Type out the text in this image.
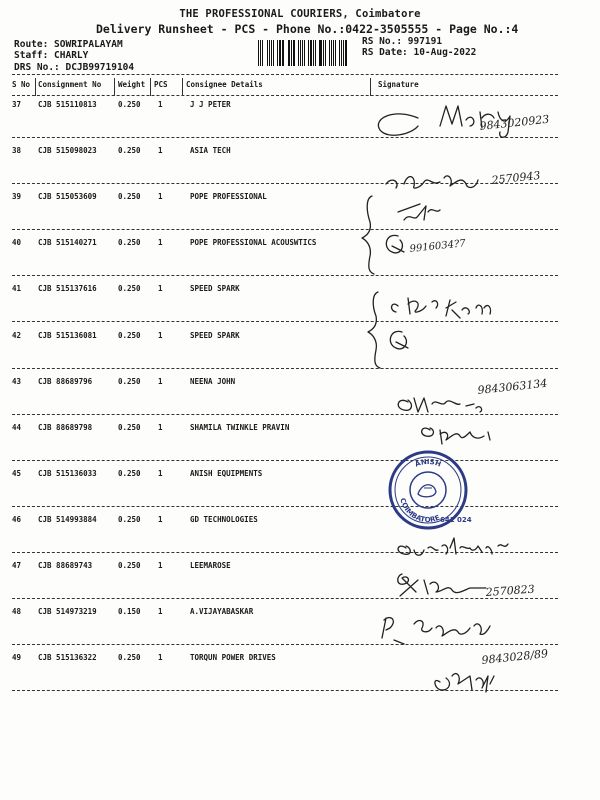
THE PROFESSIONAL COURIERS, Coimbatore
Delivery Runsheet - PCS - Phone No.:0422-3505555 - Page No.:4
Route: SOWRIPALAYAM
Staff: CHARLY
DRS No.: DCJB99719104
RS No.: 997191
RS Date: 10-Aug-2022
S No Consignment No Weight PCS Consignee Details	Signature
37 CJB 515110813	0.250 1	J J PETER
38 CJB 515098023	0.250 1	ASIA TECH
39 CJB 515053609	0.250 1	POPE PROFESSIONAL
40 CJB 515140271	0.250 1	POPE PROFESSIONAL ACOUSWTICS
41 CJB 515137616	0.250 1	SPEED SPARK
42 CJB 515136081	0.250 1	SPEED SPARK
43 CJB 88689796	0.250 1	NEENA JOHN
44 CJB 88689798	0.250 1	SHAMILA TWINKLE PRAVIN
45 CJB 515136033	0.250 1	ANISH EQUIPMENTS
46 CJB 514993884	0.250 1	GD TECHNOLOGIES
47 CJB 88689743	0.250 1	LEEMAROSE
48 CJB 514973219	0.150 1	A.VIJAYABASKAR
49 CJB 515136322	0.250 1	TORQUN POWER DRIVES
9843020923
2570943
9916034?7
9843063134
2570823
9843028/89
ANISH
COIMBATORE
641 024
